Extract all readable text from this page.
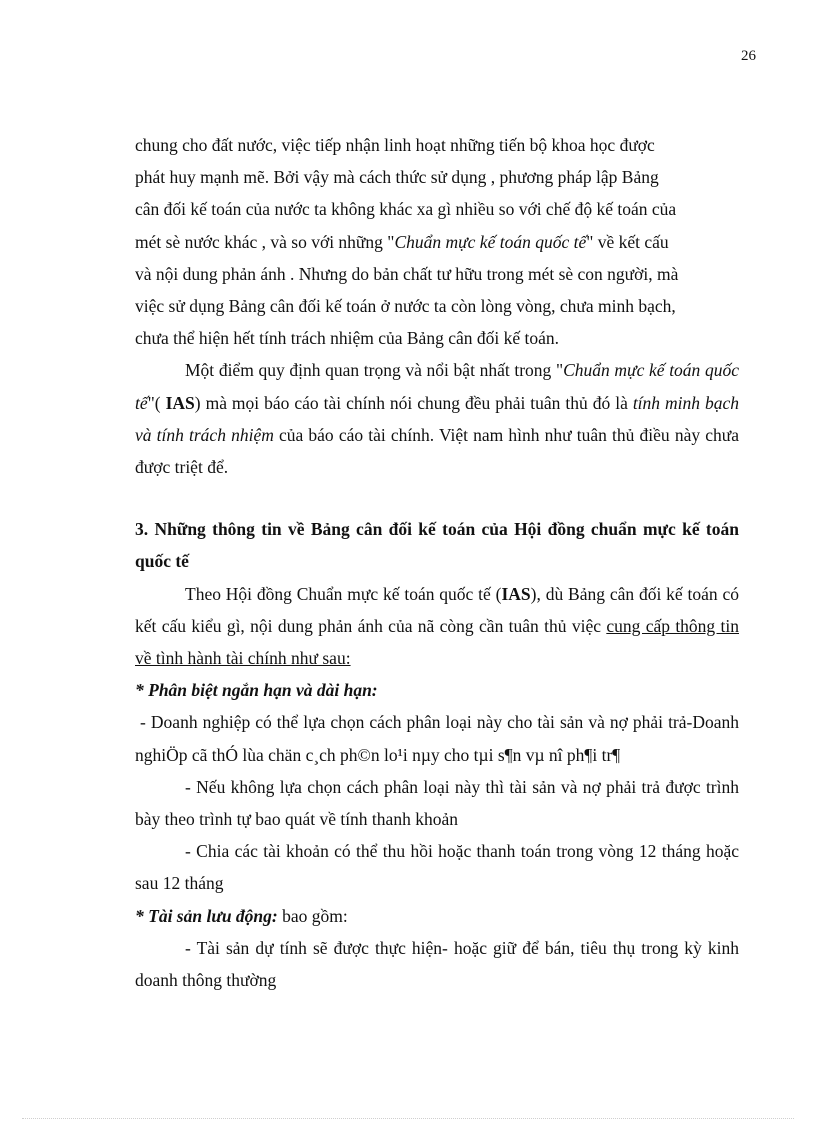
26

chung cho đất nước, việc tiếp nhận linh hoạt những tiến bộ khoa học được

phát huy mạnh mẽ. Bởi vậy mà cách thức sử dụng , phương pháp lập Bảng

cân đối kế toán của nước ta không khác xa gì nhiều so với chế độ kế toán của

mét sè nước khác , và so với những "Chuẩn mực kế toán quốc tế" về kết cấu

và nội dung phản ánh . Nhưng do bản chất tư hữu trong mét sè con người, mà

việc sử dụng Bảng cân đối kế toán ở nước ta còn lòng vòng, chưa minh bạch,

chưa thể hiện hết tính trách nhiệm của Bảng cân đối kế toán.

Một điểm quy định quan trọng và nổi bật nhất trong "Chuẩn mực kế toán quốc tế"( IAS) mà mọi báo cáo tài chính nói chung đều phải tuân thủ đó là tính minh bạch và tính trách nhiệm của báo cáo tài chính. Việt nam hình như tuân thủ điều này chưa được triệt để.

3. Những thông tin về Bảng cân đối kế toán của Hội đồng chuẩn mực kế toán quốc tế

Theo Hội đồng Chuẩn mực kế toán quốc tế (IAS), dù Bảng cân đối kế toán có kết cấu kiểu gì, nội dung phản ánh của nã còng cần tuân thủ việc cung cấp thông tin về tình hành tài chính như sau:

* Phân biệt ngắn hạn và dài hạn:

- Doanh nghiệp có thể lựa chọn cách phân loại này cho tài sản và nợ phải trả-Doanh nghiÖp cã thÓ lùa chän c¸ch ph©n lo¹i nµy cho tµi s¶n vµ nî ph¶i tr¶

- Nếu không lựa chọn cách phân loại này thì tài sản và nợ phải trả được trình bày theo trình tự bao quát về tính thanh khoản

- Chia các tài khoản có thể thu hồi hoặc thanh toán trong vòng 12 tháng hoặc sau 12 tháng

* Tài sản lưu động: bao gồm:

- Tài sản dự tính sẽ được thực hiện- hoặc giữ để bán, tiêu thụ trong kỳ kinh doanh thông thường
